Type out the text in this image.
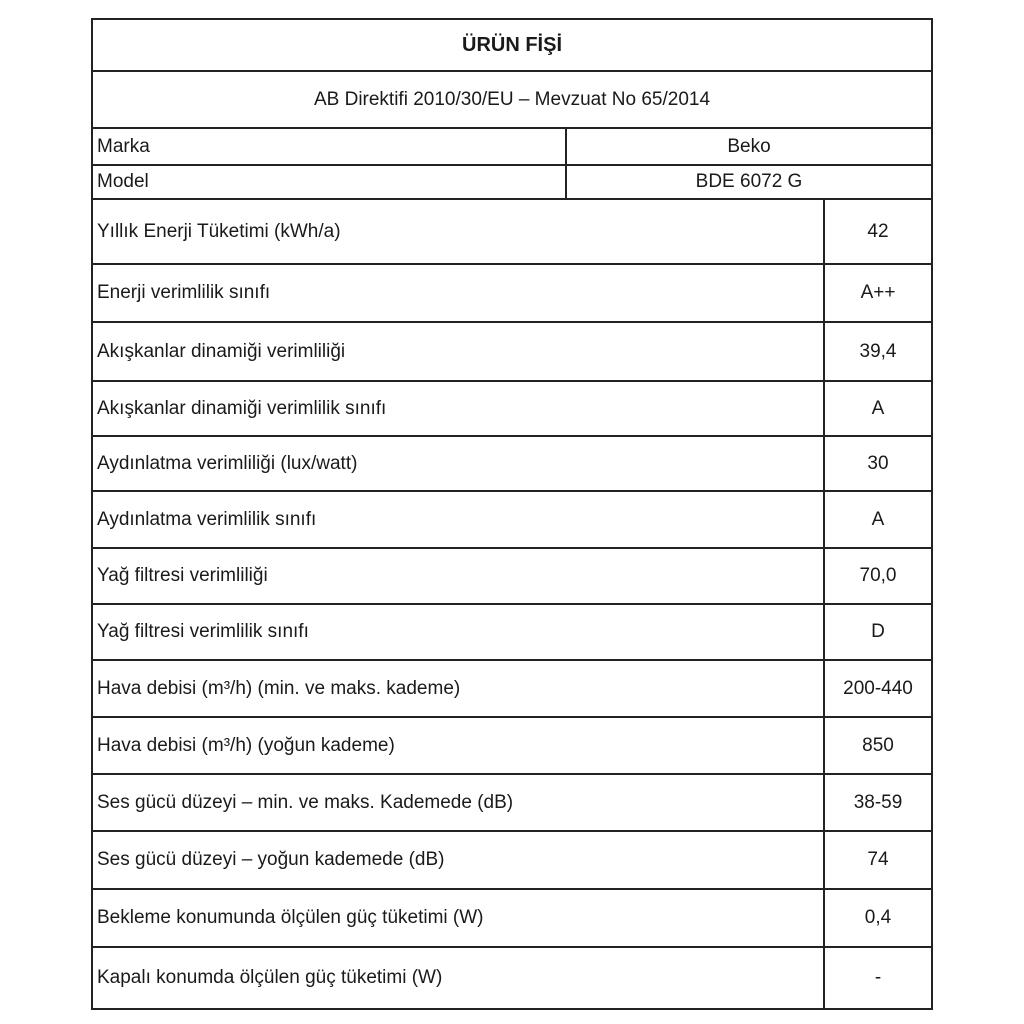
ÜRÜN FİŞİ
AB Direktifi 2010/30/EU – Mevzuat No 65/2014
Marka	Beko
Model	BDE 6072 G
Yıllık Enerji Tüketimi (kWh/a)	42
Enerji verimlilik sınıfı	A++
Akışkanlar dinamiği verimliliği	39,4
Akışkanlar dinamiği verimlilik sınıfı	A
Aydınlatma verimliliği (lux/watt)	30
Aydınlatma verimlilik sınıfı	A
Yağ filtresi verimliliği	70,0
Yağ filtresi verimlilik sınıfı	D
Hava debisi (m³/h) (min. ve maks. kademe)	200-440
Hava debisi (m³/h) (yoğun kademe)	850
Ses gücü düzeyi – min. ve maks. Kademede (dB)	38-59
Ses gücü düzeyi – yoğun kademede (dB)	74
Bekleme konumunda ölçülen güç tüketimi (W)	0,4
Kapalı konumda ölçülen güç tüketimi (W)	-
